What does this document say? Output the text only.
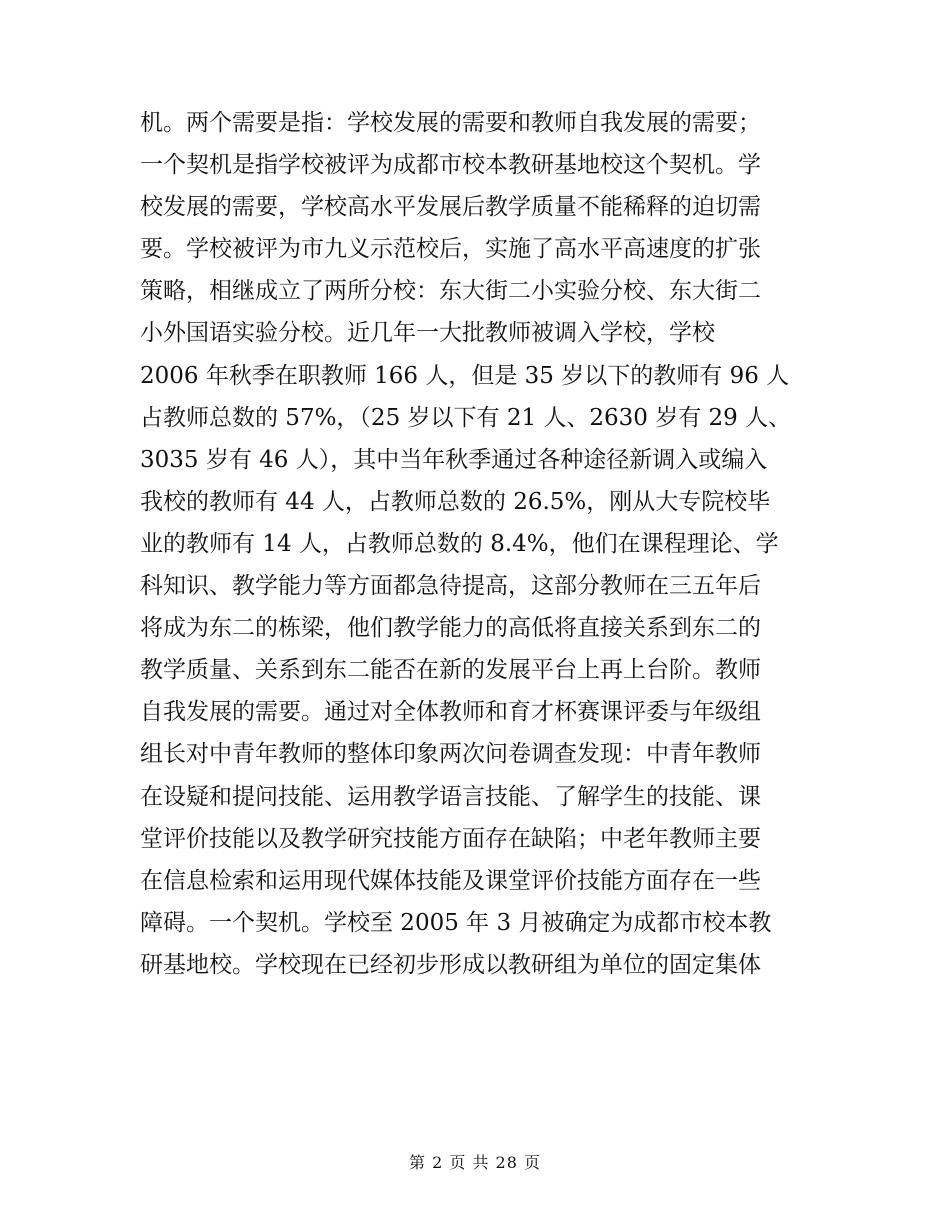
机。两个需要是指：学校发展的需要和教师自我发展的需要；
一个契机是指学校被评为成都市校本教研基地校这个契机。学
校发展的需要，学校高水平发展后教学质量不能稀释的迫切需
要。学校被评为市九义示范校后，实施了高水平高速度的扩张
策略，相继成立了两所分校：东大街二小实验分校、东大街二
小外国语实验分校。近几年一大批教师被调入学校，学校
2006 年秋季在职教师 166 人，但是 35 岁以下的教师有 96 人
占教师总数的 57%，（25 岁以下有 21 人、2630 岁有 29 人、
3035 岁有 46 人），其中当年秋季通过各种途径新调入或编入
我校的教师有 44 人，占教师总数的 26.5%，刚从大专院校毕
业的教师有 14 人，占教师总数的 8.4%，他们在课程理论、学
科知识、教学能力等方面都急待提高，这部分教师在三五年后
将成为东二的栋梁，他们教学能力的高低将直接关系到东二的
教学质量、关系到东二能否在新的发展平台上再上台阶。教师
自我发展的需要。通过对全体教师和育才杯赛课评委与年级组
组长对中青年教师的整体印象两次问卷调查发现：中青年教师
在设疑和提问技能、运用教学语言技能、了解学生的技能、课
堂评价技能以及教学研究技能方面存在缺陷；中老年教师主要
在信息检索和运用现代媒体技能及课堂评价技能方面存在一些
障碍。一个契机。学校至 2005 年 3 月被确定为成都市校本教
研基地校。学校现在已经初步形成以教研组为单位的固定集体
第 2 页 共 28 页
